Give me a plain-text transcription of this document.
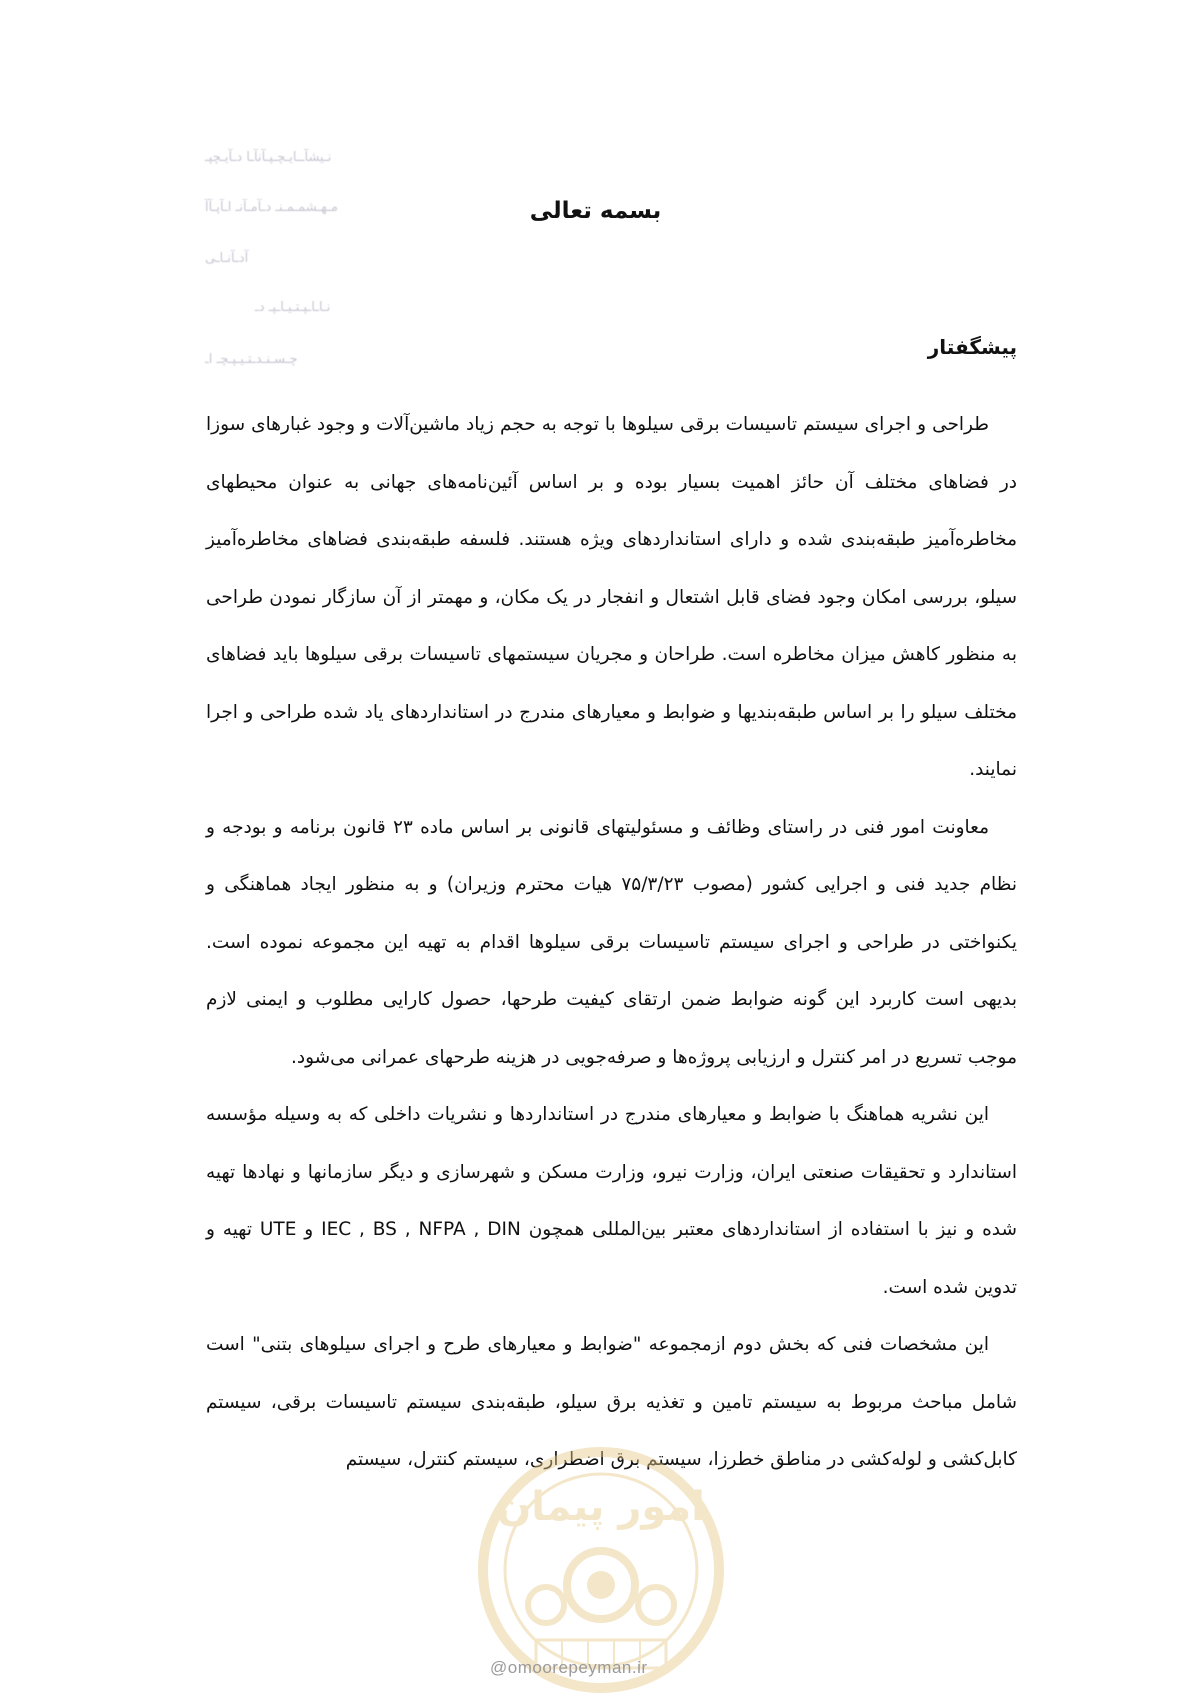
نـیشآــایـچـپـآنآـا دـآیـچپـ
مـهـشمـمـنـ دـآمـآنـ اـآپـآآ
آدـآنـاـی
نـاـاـپـتـیـاـپـ دـ
چـسـنـدـتـیـپـچـ اـ
بسمه تعالی
پیشگفتار

طراحی و اجرای سیستم تاسیسات برقی سیلوها با توجه به حجم زیاد ماشین‌آلات و وجود غبارهای سوزا در فضاهای مختلف آن حائز اهمیت بسیار بوده و بر اساس آئین‌نامه‌های جهانی به عنوان محیطهای مخاطره‌آمیز طبقه‌بندی شده و دارای استانداردهای ویژه هستند. فلسفه طبقه‌بندی فضاهای مخاطره‌آمیز سیلو، بررسی امکان وجود فضای قابل اشتعال و انفجار در یک مکان، و مهمتر از آن سازگار نمودن طراحی به منظور کاهش میزان مخاطره است. طراحان و مجریان سیستمهای تاسیسات برقی سیلوها باید فضاهای مختلف سیلو را بر اساس طبقه‌بندیها و ضوابط و معیارهای مندرج در استانداردهای یاد شده طراحی و اجرا نمایند.

معاونت امور فنی در راستای وظائف و مسئولیتهای قانونی بر اساس ماده ۲۳ قانون برنامه و بودجه و نظام جدید فنی و اجرایی کشور (مصوب ۷۵/۳/۲۳ هیات محترم وزیران) و به منظور ایجاد هماهنگی و یکنواختی در طراحی و اجرای سیستم تاسیسات برقی سیلوها اقدام به تهیه این مجموعه نموده است. بدیهی است کاربرد این گونه ضوابط ضمن ارتقای کیفیت طرحها، حصول کارایی مطلوب و ایمنی لازم موجب تسریع در امر کنترل و ارزیابی پروژه‌ها و صرفه‌جویی در هزینه طرحهای عمرانی می‌شود.

این نشریه هماهنگ با ضوابط و معیارهای مندرج در استانداردها و نشریات داخلی که به وسیله مؤسسه استاندارد و تحقیقات صنعتی ایران، وزارت نیرو، وزارت مسکن و شهرسازی و دیگر سازمانها و نهادها تهیه شده و نیز با استفاده از استانداردهای معتبر بین‌المللی همچون IEC , BS , NFPA , DIN و UTE تهیه و تدوین شده است.

این مشخصات فنی که بخش دوم ازمجموعه "ضوابط و معیارهای طرح و اجرای سیلوهای بتنی" است شامل مباحث مربوط به سیستم تامین و تغذیه برق سیلو، طبقه‌بندی سیستم تاسیسات برقی، سیستم کابل‌کشی و لوله‌کشی در مناطق خطرزا، سیستم برق اضطراری، سیستم کنترل، سیستم

امور پیمان
@omoorepeyman.ir
